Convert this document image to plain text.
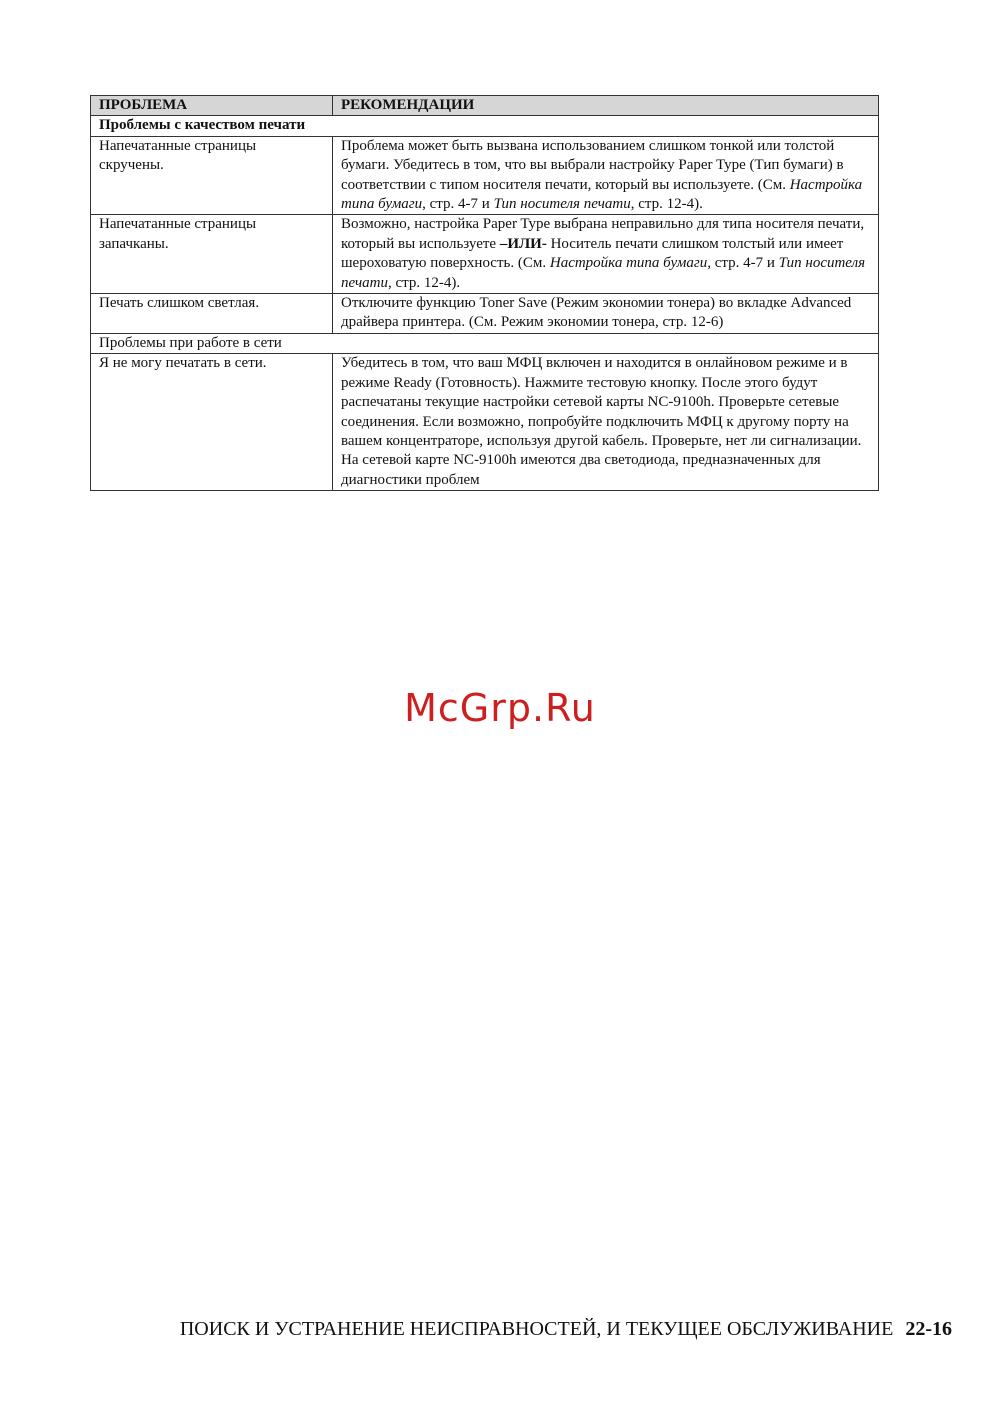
ПРОБЛЕМА	РЕКОМЕНДАЦИИ
Проблемы с качеством печати	
Напечатанные страницы скручены.	Проблема может быть вызвана использованием слишком тонкой или толстой бумаги. Убедитесь в том, что вы выбрали настройку Paper Type (Тип бумаги) в соответствии с типом носителя печати, который вы используете. (См. Настройка типа бумаги, стр. 4-7 и Тип носителя печати, стр. 12-4).
Напечатанные страницы запачканы.	Возможно, настройка Paper Type выбрана неправильно для типа носителя печати, который вы используете –ИЛИ- Носитель печати слишком толстый или имеет шероховатую поверхность. (См. Настройка типа бумаги, стр. 4-7 и Тип носителя печати, стр. 12-4).
Печать слишком светлая.	Отключите функцию Toner Save (Режим экономии тонера) во вкладке Advanced драйвера принтера. (См. Режим экономии тонера, стр. 12-6)
Проблемы при работе в сети	
Я не могу печатать в сети.	Убедитесь в том, что ваш МФЦ включен и находится в онлайновом режиме и в режиме Ready (Готовность). Нажмите тестовую кнопку. После этого будут распечатаны текущие настройки сетевой карты NC-9100h. Проверьте сетевые соединения. Если возможно, попробуйте подключить МФЦ к другому порту на вашем концентраторе, используя другой кабель. Проверьте, нет ли сигнализации. На сетевой карте NC-9100h имеются два светодиода, предназначенных для диагностики проблем
McGrp.Ru
ПОИСК И УСТРАНЕНИЕ НЕИСПРАВНОСТЕЙ, И ТЕКУЩЕЕ ОБСЛУЖИВАНИЕ 22-16
